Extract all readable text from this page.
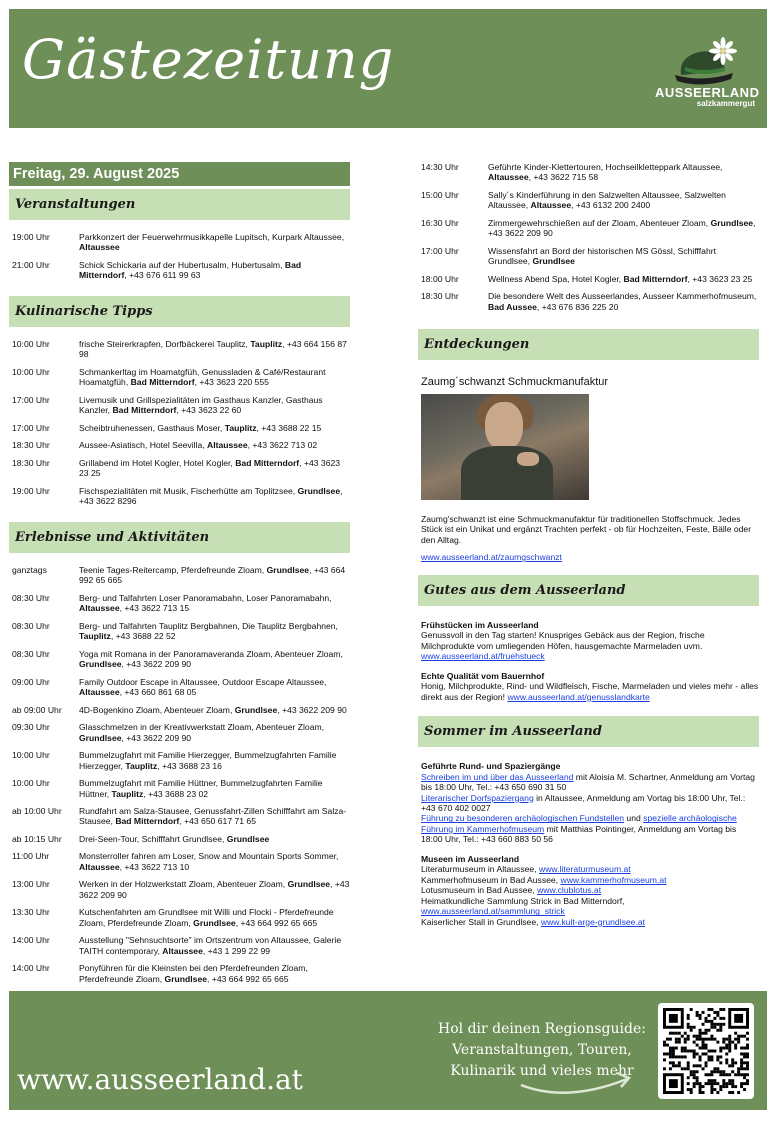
Gästezeitung
AUSSEERLAND
salzkammergut
Freitag, 29. August 2025
Veranstaltungen
19:00 Uhr	Parkkonzert der Feuerwehrmusikkapelle Lupitsch, Kurpark Altaussee, Altaussee
21:00 Uhr	Schick Schickaria auf der Hubertusalm, Hubertusalm, Bad Mitterndorf, +43 676 611 99 63
Kulinarische Tipps
10:00 Uhr	frische Steirerkrapfen, Dorfbäckerei Tauplitz, Tauplitz, +43 664 156 87 98
10:00 Uhr	Schmankerltag im Hoamatgfüh, Genussladen & Café/Restaurant Hoamatgfüh, Bad Mitterndorf, +43 3623 220 555
17:00 Uhr	Livemusik und Grillspezialitäten im Gasthaus Kanzler, Gasthaus Kanzler, Bad Mitterndorf, +43 3623 22 60
17:00 Uhr	Scheibtruhenessen, Gasthaus Moser, Tauplitz, +43 3688 22 15
18:30 Uhr	Aussee-Asiatisch, Hotel Seevilla, Altaussee, +43 3622 713 02
18:30 Uhr	Grillabend im Hotel Kogler, Hotel Kogler, Bad Mitterndorf, +43 3623 23 25
19:00 Uhr	Fischspezialitäten mit Musik, Fischerhütte am Toplitzsee, Grundlsee, +43 3622 8296
Erlebnisse und Aktivitäten
ganztags	Teenie Tages-Reitercamp, Pferdefreunde Zloam, Grundlsee, +43 664 992 65 665
08:30 Uhr	Berg- und Talfahrten Loser Panoramabahn, Loser Panoramabahn, Altaussee, +43 3622 713 15
08:30 Uhr	Berg- und Talfahrten Tauplitz Bergbahnen, Die Tauplitz Bergbahnen, Tauplitz, +43 3688 22 52
08:30 Uhr	Yoga mit Romana in der Panoramaveranda Zloam, Abenteuer Zloam, Grundlsee, +43 3622 209 90
09:00 Uhr	Family Outdoor Escape in Altaussee, Outdoor Escape Altaussee, Altaussee, +43 660 861 68 05
ab 09:00 Uhr	4D-Bogenkino Zloam, Abenteuer Zloam, Grundlsee, +43 3622 209 90
09:30 Uhr	Glasschmelzen in der Kreativwerkstatt Zloam, Abenteuer Zloam, Grundlsee, +43 3622 209 90
10:00 Uhr	Bummelzugfahrt mit Familie Hierzegger, Bummelzugfahrten Familie Hierzegger, Tauplitz, +43 3688 23 16
10:00 Uhr	Bummelzugfahrt mit Familie Hüttner, Bummelzugfahrten Familie Hüttner, Tauplitz, +43 3688 23 02
ab 10:00 Uhr	Rundfahrt am Salza-Stausee, Genussfahrt-Zillen Schifffahrt am Salza-Stausee, Bad Mitterndorf, +43 650 617 71 65
ab 10:15 Uhr	Drei-Seen-Tour, Schifffahrt Grundlsee, Grundlsee
11:00 Uhr	Monsterroller fahren am Loser, Snow and Mountain Sports Sommer, Altaussee, +43 3622 713 10
13:00 Uhr	Werken in der Holzwerkstatt Zloam, Abenteuer Zloam, Grundlsee, +43 3622 209 90
13:30 Uhr	Kutschenfahrten am Grundlsee mit Willi und Flocki - Pferdefreunde Zloam, Pferdefreunde Zloam, Grundlsee, +43 664 992 65 665
14:00 Uhr	Ausstellung "Sehnsuchtsorte" im Ortszentrum von Altaussee, Galerie TAITH contemporary, Altaussee, +43 1 299 22 99
14:00 Uhr	Ponyführen für die Kleinsten bei den Pferdefreunden Zloam, Pferdefreunde Zloam, Grundlsee, +43 664 992 65 665
14:30 Uhr	Geführte Kinder-Klettertouren, Hochseilklettерpark Altaussee, Altaussee, +43 3622 715 58
15:00 Uhr	Sally´s Kinderführung in den Salzwelten Altaussee, Salzwelten Altaussee, Altaussee, +43 6132 200 2400
16:30 Uhr	Zimmergewehrschießen auf der Zloam, Abenteuer Zloam, Grundlsee, +43 3622 209 90
17:00 Uhr	Wissensfahrt an Bord der historischen MS Gössl, Schifffahrt Grundlsee, Grundlsee
18:00 Uhr	Wellness Abend Spa, Hotel Kogler, Bad Mitterndorf, +43 3623 23 25
18:30 Uhr	Die besondere Welt des Ausseerlandes, Ausseer Kammerhofmuseum, Bad Aussee, +43 676 836 225 20
Entdeckungen
Zaumg´schwanzt Schmuckmanufaktur
Zaumg'schwanzt ist eine Schmuckmanufaktur für traditionellen Stoffschmuck. Jedes Stück ist ein Unikat und ergänzt Trachten perfekt - ob für Hochzeiten, Feste, Bälle oder den Alltag.
www.ausseerland.at/zaumgschwanzt
Gutes aus dem Ausseerland
Frühstücken im Ausseerland
Genussvoll in den Tag starten! Knuspriges Gebäck aus der Region, frische Milchprodukte vom umliegenden Höfen, hausgemachte Marmeladen uvm.
www.ausseerland.at/fruehstueck
Echte Qualität vom Bauernhof
Honig, Milchprodukte, Rind- und Wildfleisch, Fische, Marmeladen und vieles mehr - alles direkt aus der Region! www.ausseerland.at/genusslandkarte
Sommer im Ausseerland
Geführte Rund- und Spaziergänge
Schreiben im und über das Ausseerland mit Aloisia M. Schartner, Anmeldung am Vortag bis 18:00 Uhr, Tel.: +43 650 690 31 50
Literarischer Dorfspaziergang in Altaussee, Anmeldung am Vortag bis 18:00 Uhr, Tel.: +43 670 402 0027
Führung zu besonderen archäologischen Fundstellen und spezielle archäologische Führung im Kammerhofmuseum mit Matthias Pointinger, Anmeldung am Vortag bis 18:00 Uhr, Tel.: +43 660 883 50 56
Museen im Ausseerland
Literaturmuseum in Altaussee, www.literaturmuseum.at
Kammerhofmuseum in Bad Aussee, www.kammerhofmuseum.at
Lotusmuseum in Bad Aussee, www.clublotus.at
Heimatkundliche Sammlung Strick in Bad Mitterndorf, www.ausseerland.at/sammlung_strick
Kaiserlicher Stall in Grundlsee, www.kult-arge-grundlsee.at
www.ausseerland.at
Hol dir deinen Regionsguide:
Veranstaltungen, Touren,
Kulinarik und vieles mehr
